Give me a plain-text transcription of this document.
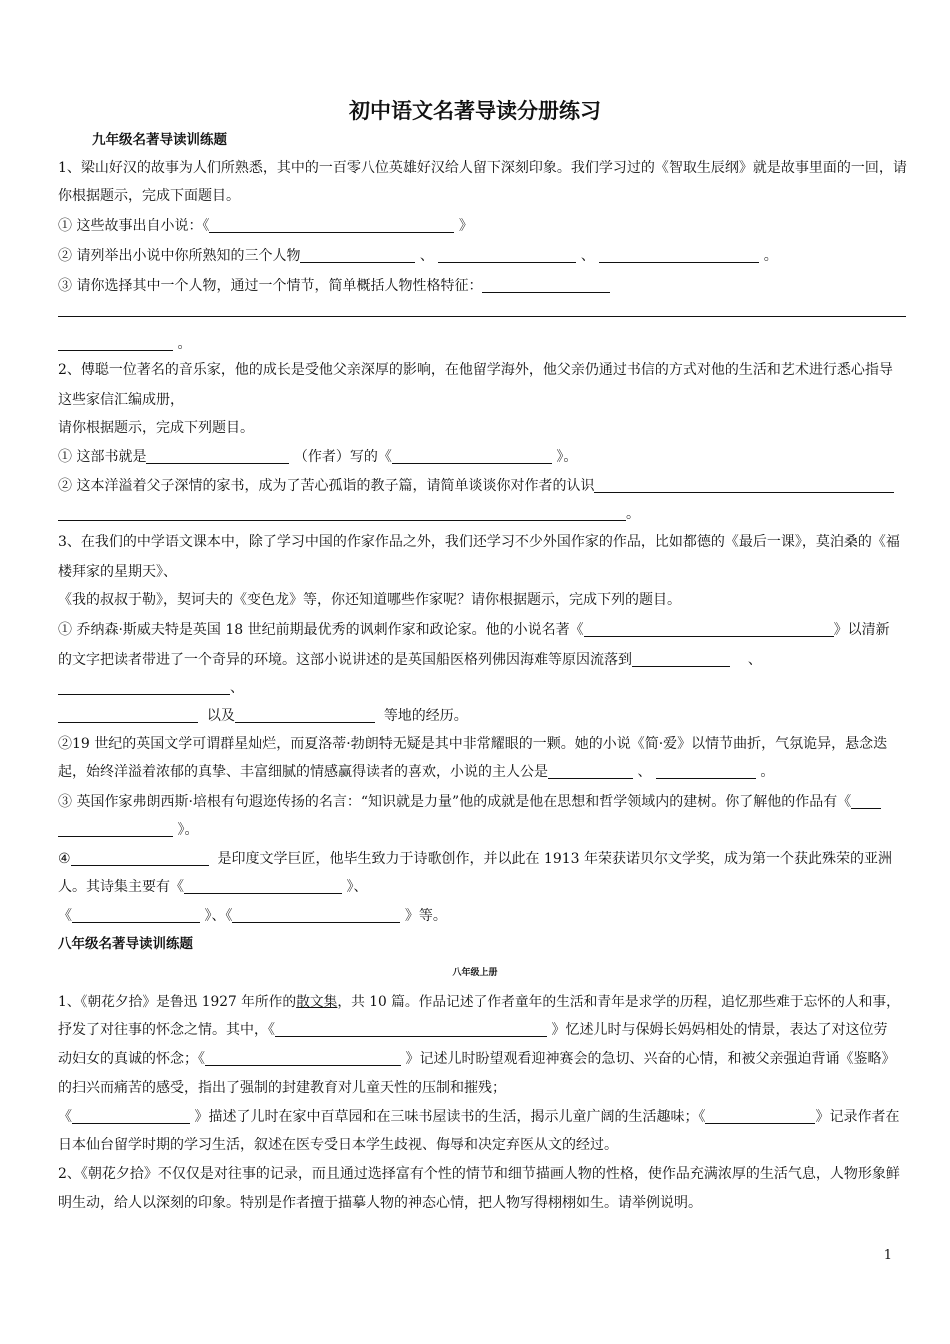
初中语文名著导读分册练习
九年级名著导读训练题
1、梁山好汉的故事为人们所熟悉，其中的一百零八位英雄好汉给人留下深刻印象。我们学习过的《智取生辰纲》就是故事里面的一回，请
你根据题示，完成下面题目。
① 这些故事出自小说：《	》
② 请列举出小说中你所熟知的三个人物	、	、	。
③ 请你选择其中一个人物，通过一个情节，简单概括人物性格特征：
。
2、傅聪一位著名的音乐家，他的成长是受他父亲深厚的影响，在他留学海外，他父亲仍通过书信的方式对他的生活和艺术进行悉心指导
这些家信汇编成册，
请你根据题示，完成下列题目。
① 这部书就是	（作者）写的《	》。
② 这本洋溢着父子深情的家书，成为了苦心孤诣的教子篇，请简单谈谈你对作者的认识
。
3、在我们的中学语文课本中，除了学习中国的作家作品之外，我们还学习不少外国作家的作品，比如都德的《最后一课》，莫泊桑的《福
楼拜家的星期天》、
《我的叔叔于勒》，契诃夫的《变色龙》等，你还知道哪些作家呢？请你根据题示，完成下列的题目。
① 乔纳森·斯威夫特是英国 18 世纪前期最优秀的讽刺作家和政论家。他的小说名著《	》以清新
的文字把读者带进了一个奇异的环境。这部小说讲述的是英国船医格列佛因海难等原因流落到	、
、
以及	等地的经历。
②19 世纪的英国文学可谓群星灿烂，而夏洛蒂·勃朗特无疑是其中非常耀眼的一颗。她的小说《简·爱》以情节曲折，气氛诡异，悬念迭
起，始终洋溢着浓郁的真挚、丰富细腻的情感赢得读者的喜欢，小说的主人公是	、	。
③ 英国作家弗朗西斯·培根有句遐迩传扬的名言：“知识就是力量”他的成就是他在思想和哲学领域内的建树。你了解他的作品有《
》。
④	是印度文学巨匠，他毕生致力于诗歌创作，并以此在 1913 年荣获诺贝尔文学奖，成为第一个获此殊荣的亚洲
人。其诗集主要有《	》、
《	》、《	》等。
八年级名著导读训练题
八年级上册
1、《朝花夕拾》是鲁迅 1927 年所作的散文集，共 10 篇。作品记述了作者童年的生活和青年是求学的历程，追忆那些难于忘怀的人和事，
抒发了对往事的怀念之情。其中，《	》忆述儿时与保姆长妈妈相处的情景，表达了对这位劳
动妇女的真诚的怀念；《	》记述儿时盼望观看迎神赛会的急切、兴奋的心情，和被父亲强迫背诵《鉴略》
的扫兴而痛苦的感受，指出了强制的封建教育对儿童天性的压制和摧残；
《	》描述了儿时在家中百草园和在三味书屋读书的生活，揭示儿童广阔的生活趣味；《	》记录作者在
日本仙台留学时期的学习生活，叙述在医专受日本学生歧视、侮辱和决定弃医从文的经过。
2、《朝花夕拾》不仅仅是对往事的记录，而且通过选择富有个性的情节和细节描画人物的性格，使作品充满浓厚的生活气息，人物形象鲜
明生动，给人以深刻的印象。特别是作者擅于描摹人物的神态心情，把人物写得栩栩如生。请举例说明。
1
